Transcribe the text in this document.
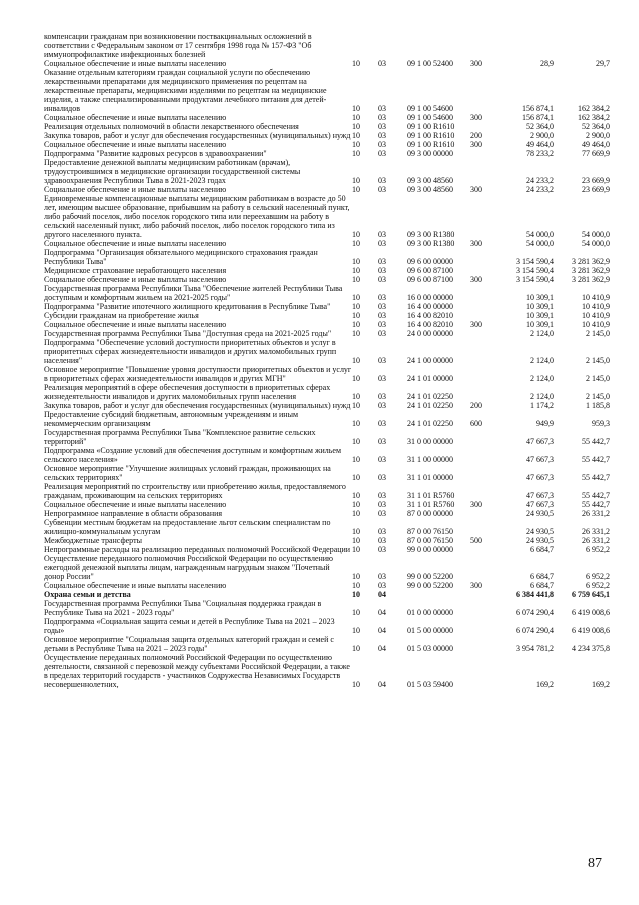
компенсации гражданам при возникновении поствакцинальных осложнений в соответствии с Федеральным законом от 17 сентября 1998 года № 157-ФЗ "Об иммунопрофилактике инфекционных болезней						
Социальное обеспечение и иные выплаты населению	10	03	09 1 00 52400	300	28,9	29,7
Оказание отдельным категориям граждан социальной услуги по обеспечению лекарственными препаратами для медицинского применения по рецептам на лекарственные препараты, медицинскими изделиями по рецептам на медицинские изделия, а также специализированными продуктами лечебного питания для детей-инвалидов	10	03	09 1 00 54600		156 874,1	162 384,2
Социальное обеспечение и иные выплаты населению	10	03	09 1 00 54600	300	156 874,1	162 384,2
Реализация отдельных полномочий в области лекарственного обеспечения	10	03	09 1 00 R1610		52 364,0	52 364,0
Закупка товаров, работ и услуг для обеспечения государственных (муниципальных) нужд	10	03	09 1 00 R1610	200	2 900,0	2 900,0
Социальное обеспечение и иные выплаты населению	10	03	09 1 00 R1610	300	49 464,0	49 464,0
Подпрограмма "Развитие кадровых ресурсов в здравоохранении"	10	03	09 3 00 00000		78 233,2	77 669,9
Предоставление денежной выплаты медицинским работникам (врачам), трудоустроившимся в медицинские организации государственной системы здравоохранения Республики Тыва в 2021-2023 годах	10	03	09 3 00 48560		24 233,2	23 669,9
Социальное обеспечение и иные выплаты населению	10	03	09 3 00 48560	300	24 233,2	23 669,9
Единовременные компенсационные выплаты медицинским работникам в возрасте до 50 лет, имеющим высшее образование, прибывшим на работу в сельский населенный пункт, либо рабочий поселок, либо поселок городского типа или переехавшим на работу в сельский населенный пункт, либо рабочий поселок, либо поселок городского типа из другого населенного пункта.	10	03	09 3 00 R1380		54 000,0	54 000,0
Социальное обеспечение и иные выплаты населению	10	03	09 3 00 R1380	300	54 000,0	54 000,0
Подпрограмма "Организация обязательного медицинского страхования граждан Республики Тыва"	10	03	09 6 00 00000		3 154 590,4	3 281 362,9
Медицинское страхование неработающего населения	10	03	09 6 00 87100		3 154 590,4	3 281 362,9
Социальное обеспечение и иные выплаты населению	10	03	09 6 00 87100	300	3 154 590,4	3 281 362,9
Государственная программа Республики Тыва "Обеспечение жителей Республики Тыва доступным и комфортным жильем на 2021-2025 годы"	10	03	16 0 00 00000		10 309,1	10 410,9
Подпрограмма "Развитие ипотечного жилищного кредитования в Республике Тыва"	10	03	16 4 00 00000		10 309,1	10 410,9
Субсидии гражданам на приобретение жилья	10	03	16 4 00 82010		10 309,1	10 410,9
Социальное обеспечение и иные выплаты населению	10	03	16 4 00 82010	300	10 309,1	10 410,9
Государственная программа Республики Тыва "Доступная среда на 2021-2025 годы"	10	03	24 0 00 00000		2 124,0	2 145,0
Подпрограмма "Обеспечение условий доступности приоритетных объектов и услуг в приоритетных сферах жизнедеятельности инвалидов и других маломобильных групп населения"	10	03	24 1 00 00000		2 124,0	2 145,0
Основное мероприятие "Повышение уровня доступности приоритетных объектов и услуг в приоритетных сферах жизнедеятельности инвалидов и других МГН"	10	03	24 1 01 00000		2 124,0	2 145,0
Реализация мероприятий в сфере обеспечения доступности в приоритетных сферах жизнедеятельности инвалидов и других маломобильных групп населения	10	03	24 1 01 02250		2 124,0	2 145,0
Закупка товаров, работ и услуг для обеспечения государственных (муниципальных) нужд	10	03	24 1 01 02250	200	1 174,2	1 185,8
Предоставление субсидий бюджетным, автономным учреждениям и иным некоммерческим организациям	10	03	24 1 01 02250	600	949,9	959,3
Государственная программа Республики Тыва "Комплексное развитие сельских территорий"	10	03	31 0 00 00000		47 667,3	55 442,7
Подпрограмма «Создание условий для обеспечения доступным и комфортным жильем сельского населения»	10	03	31 1 00 00000		47 667,3	55 442,7
Основное мероприятие "Улучшение жилищных условий граждан, проживающих на сельских территориях"	10	03	31 1 01 00000		47 667,3	55 442,7
Реализация мероприятий по строительству или приобретению жилья, предоставляемого гражданам, проживающим на сельских территориях	10	03	31 1 01 R5760		47 667,3	55 442,7
Социальное обеспечение и иные выплаты населению	10	03	31 1 01 R5760	300	47 667,3	55 442,7
Непрограммное направление в области образования	10	03	87 0 00 00000		24 930,5	26 331,2
Субвенции местным бюджетам на предоставление льгот сельским специалистам по жилищно-коммунальным услугам	10	03	87 0 00 76150		24 930,5	26 331,2
Межбюджетные трансферты	10	03	87 0 00 76150	500	24 930,5	26 331,2
Непрограммные расходы на реализацию переданных полномочий Российской Федерации	10	03	99 0 00 00000		6 684,7	6 952,2
Осуществление переданного полномочия Российской Федерации по осуществлению ежегодной денежной выплаты лицам, награжденным нагрудным знаком "Почетный донор России"	10	03	99 0 00 52200		6 684,7	6 952,2
Социальное обеспечение и иные выплаты населению	10	03	99 0 00 52200	300	6 684,7	6 952,2
Охрана семьи и детства	10	04			6 384 441,8	6 759 645,1
Государственная программа Республики Тыва "Социальная поддержка граждан в Республике Тыва на 2021 - 2023 годы"	10	04	01 0 00 00000		6 074 290,4	6 419 008,6
Подпрограмма «Социальная защита семьи и детей в Республике Тыва на 2021 – 2023 годы»	10	04	01 5 00 00000		6 074 290,4	6 419 008,6
Основное мероприятие "Социальная защита отдельных категорий граждан и семей с детьми в Республике Тыва на 2021 – 2023 годы"	10	04	01 5 03 00000		3 954 781,2	4 234 375,8
Осуществление переданных полномочий Российской Федерации по осуществлению деятельности, связанной с перевозкой между субъектами Российской Федерации, а также в пределах территорий государств - участников Содружества Независимых Государств несовершеннолетних,	10	04	01 5 03 59400		169,2	169,2
87
